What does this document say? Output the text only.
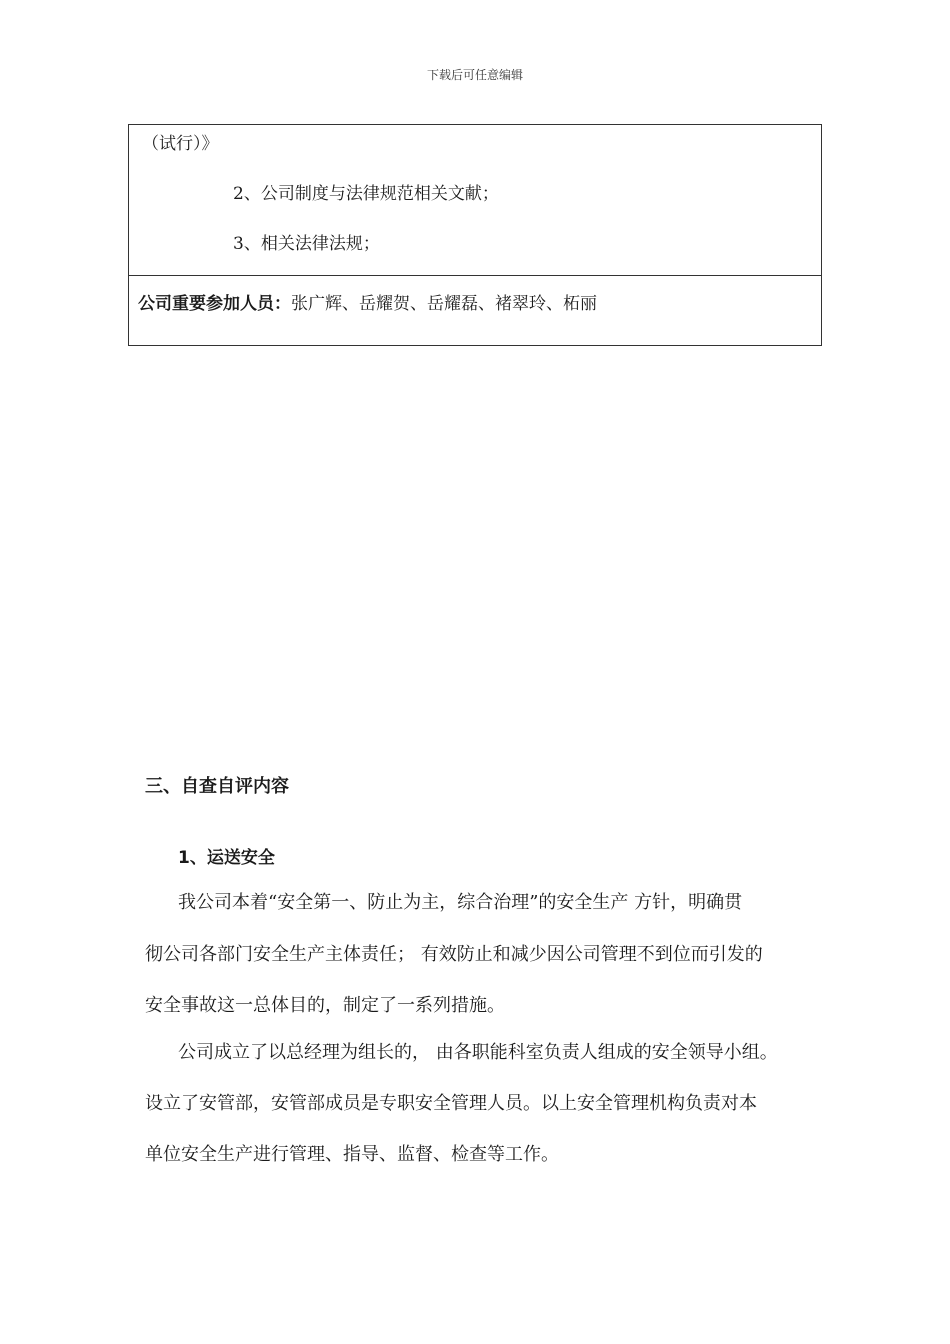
下载后可任意编辑
（试行）》
2、公司制度与法律规范相关文献；
3、相关法律法规；
公司重要参加人员：张广辉、岳耀贺、岳耀磊、褚翠玲、柘丽
三、自查自评内容
1、运送安全
我公司本着“安全第一、防止为主，综合治理”的安全生产 方针，明确贯
彻公司各部门安全生产主体责任； 有效防止和减少因公司管理不到位而引发的
安全事故这一总体目的，制定了一系列措施。
公司成立了以总经理为组长的， 由各职能科室负责人组成的安全领导小组。
设立了安管部，安管部成员是专职安全管理人员。以上安全管理机构负责对本
单位安全生产进行管理、指导、监督、检查等工作。
